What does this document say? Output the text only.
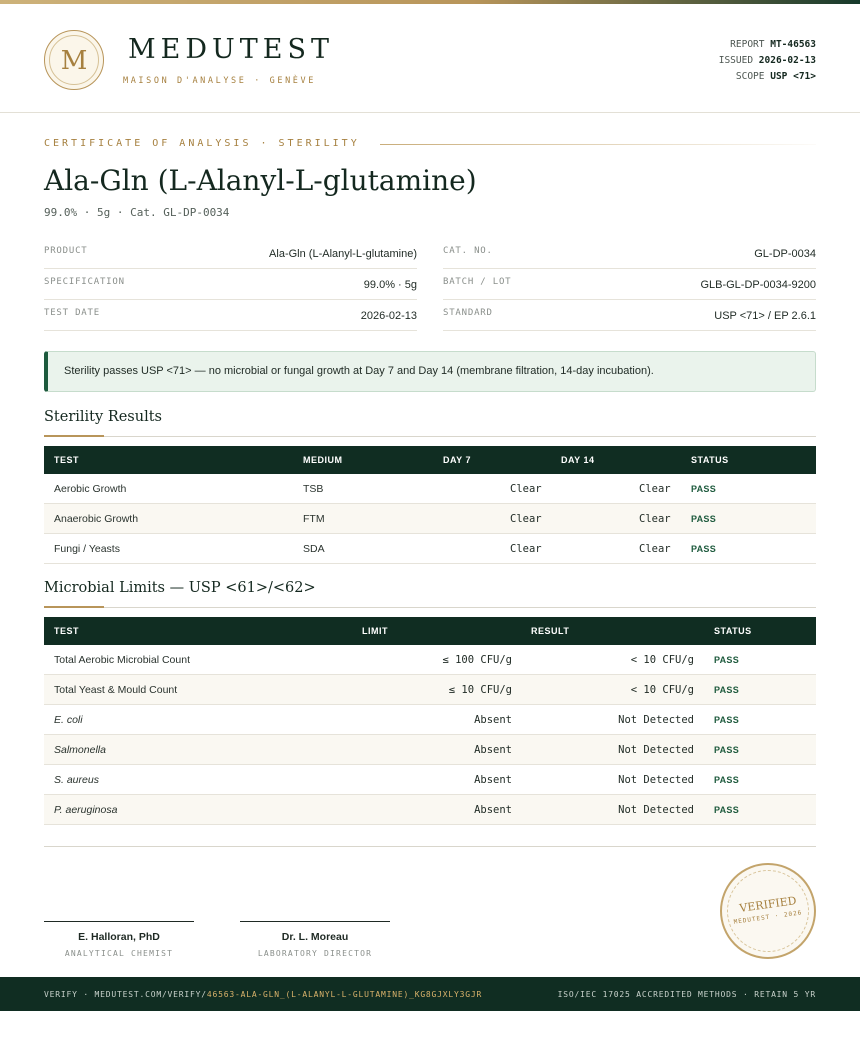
M	MEDUTEST
MAISON D'ANALYSE · GENÈVE
REPORT MT-46563
ISSUED 2026-02-13
SCOPE USP <71>
CERTIFICATE OF ANALYSIS · STERILITY
Ala-Gln (L-Alanyl-L-glutamine)
99.0% · 5g · Cat. GL-DP-0034
PRODUCT	Ala-Gln (L-Alanyl-L-glutamine)
SPECIFICATION	99.0% · 5g
TEST DATE	2026-02-13
CAT. NO.	GL-DP-0034
BATCH / LOT	GLB-GL-DP-0034-9200
STANDARD	USP <71> / EP 2.6.1
Sterility passes USP <71> — no microbial or fungal growth at Day 7 and Day 14 (membrane filtration, 14-day incubation).
Sterility Results
TEST	MEDIUM	DAY 7	DAY 14	STATUS
Aerobic Growth	TSB	Clear	Clear PASS
Anaerobic Growth	FTM	Clear	Clear PASS
Fungi / Yeasts	SDA	Clear	Clear PASS
Microbial Limits — USP <61>/<62>
TEST	LIMIT	RESULT	STATUS
Total Aerobic Microbial Count	≤ 100 CFU/g	< 10 CFU/g PASS
Total Yeast & Mould Count	≤ 10 CFU/g	< 10 CFU/g PASS
E. coli	Absent	Not Detected PASS
Salmonella	Absent	Not Detected PASS
S. aureus	Absent	Not Detected PASS
P. aeruginosa	Absent	Not Detected PASS
E. Halloran, PhD
ANALYTICAL CHEMIST
Dr. L. Moreau
LABORATORY DIRECTOR
VERIFIED
MEDUTEST · 2026
VERIFY · MEDUTEST.COM/VERIFY/46563-ALA-GLN_(L-ALANYL-L-GLUTAMINE)_KG8GJXLY3GJR	ISO/IEC 17025 ACCREDITED METHODS · RETAIN 5 YR
